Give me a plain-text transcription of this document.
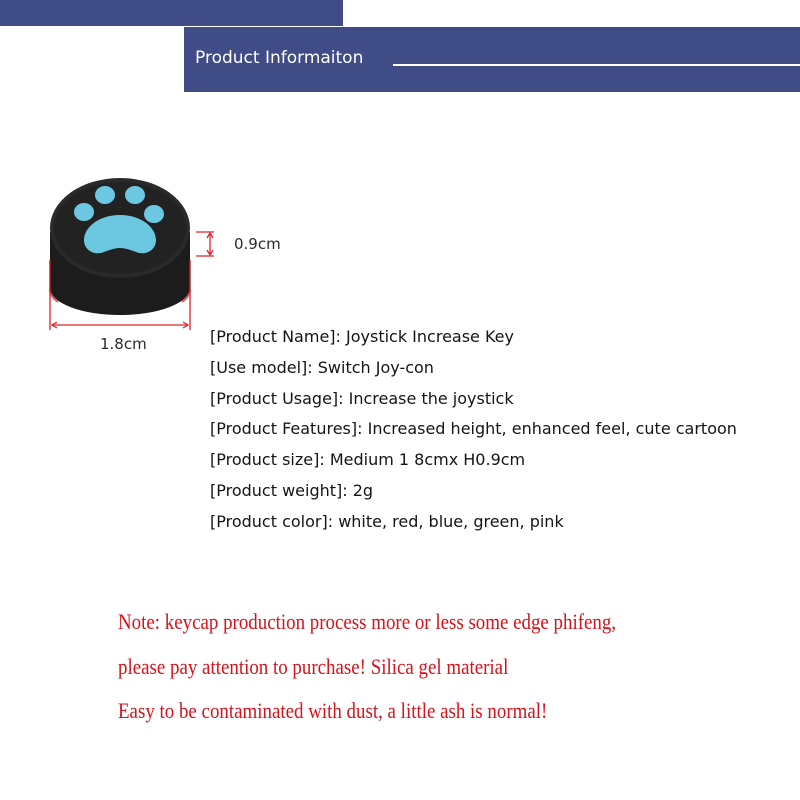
Product Informaiton
0.9cm
1.8cm	[Product Name]: Joystick Increase Key
[Use model]: Switch Joy-con
[Product Usage]: Increase the joystick
[Product Features]: Increased height, enhanced feel, cute cartoon
[Product size]: Medium 1 8cmx H0.9cm
[Product weight]: 2g
[Product color]: white, red, blue, green, pink
Note: keycap production process more or less some edge phifeng,
please pay attention to purchase! Silica gel material
Easy to be contaminated with dust, a little ash is normal!
